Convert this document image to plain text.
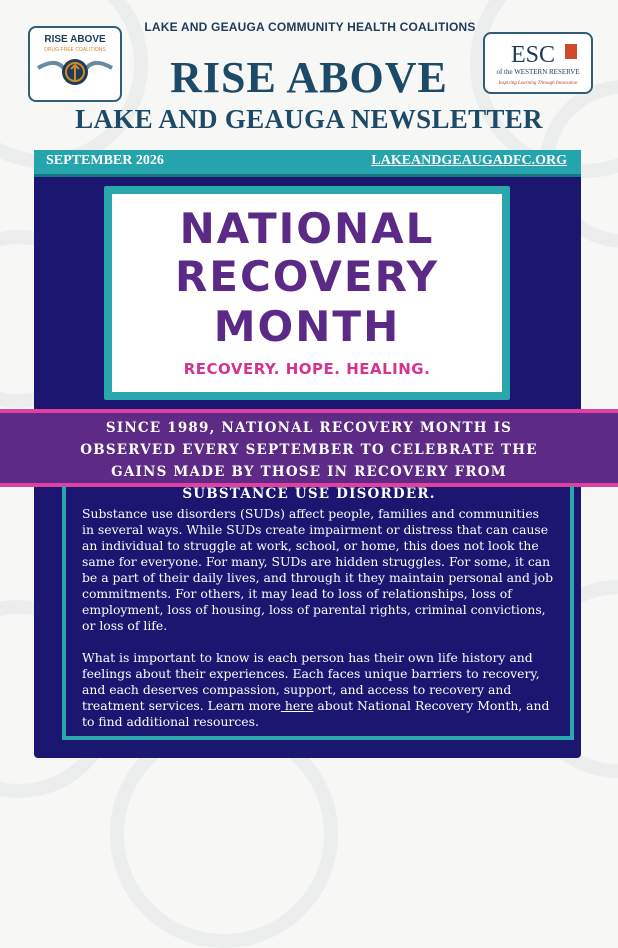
RISE ABOVE
DRUG-FREE COALITIONS
LAKE AND GEAUGA COMMUNITY HEALTH COALITIONS
ESC
of the WESTERN RESERVE
Inspiring Learning Through Innovation
RISE ABOVE
LAKE AND GEAUGA NEWSLETTER
SEPTEMBER 2026	LAKEANDGEAUGADFC.ORG
NATIONAL
RECOVERY
MONTH
RECOVERY. HOPE. HEALING.
SINCE 1989, NATIONAL RECOVERY MONTH IS OBSERVED EVERY SEPTEMBER TO CELEBRATE THE GAINS MADE BY THOSE IN RECOVERY FROM SUBSTANCE USE DISORDER.

Substance use disorders (SUDs) affect people, families and communities in several ways. While SUDs create impairment or distress that can cause an individual to struggle at work, school, or home, this does not look the same for everyone. For many, SUDs are hidden struggles. For some, it can be a part of their daily lives, and through it they maintain personal and job commitments. For others, it may lead to loss of relationships, loss of employment, loss of housing, loss of parental rights, criminal convictions, or loss of life.

What is important to know is each person has their own life history and feelings about their experiences. Each faces unique barriers to recovery, and each deserves compassion, support, and access to recovery and treatment services. Learn more here about National Recovery Month, and to find additional resources.
